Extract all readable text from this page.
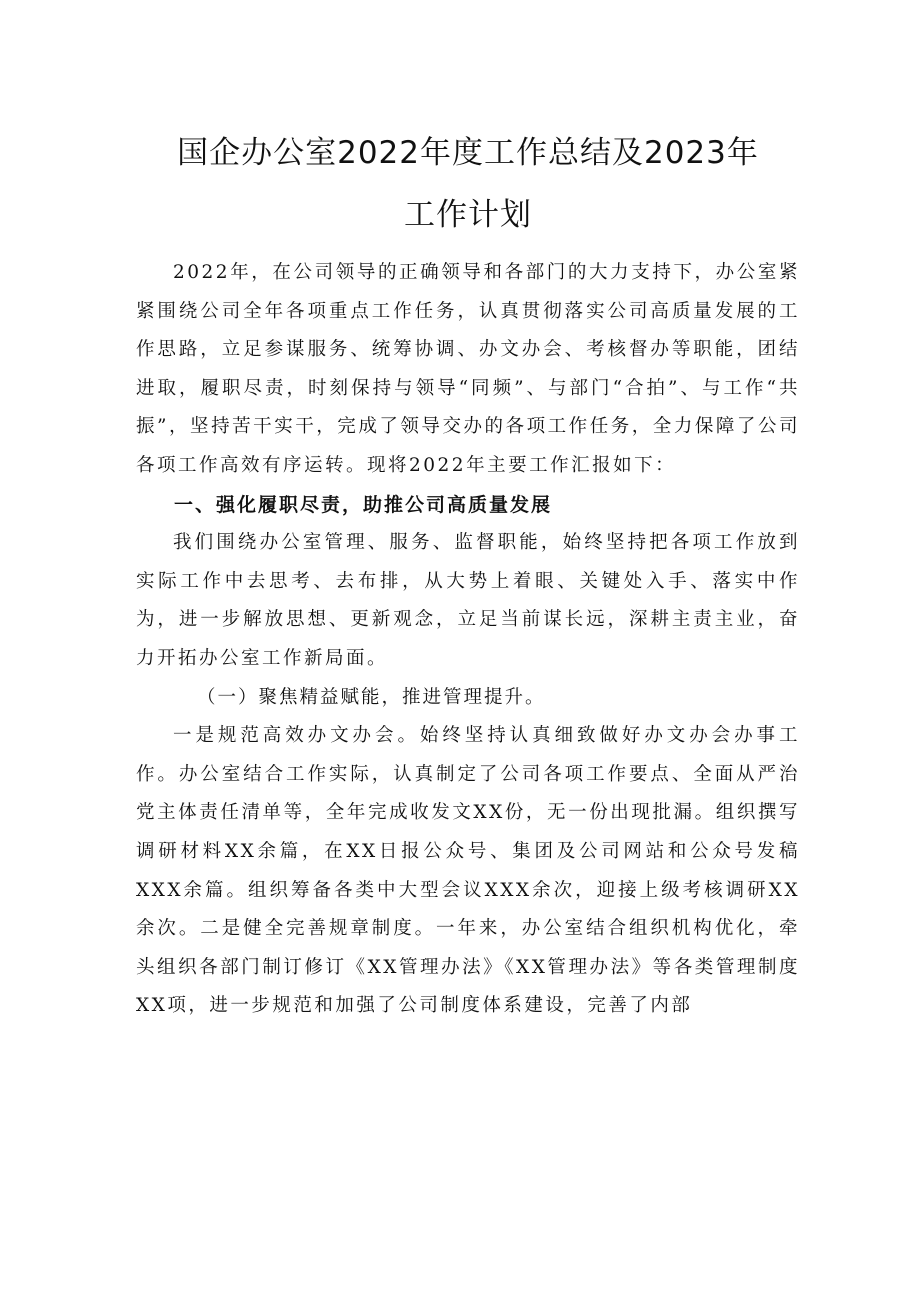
国企办公室2022年度工作总结及2023年
工作计划

2022年，在公司领导的正确领导和各部门的大力支持下，办公室紧紧围绕公司全年各项重点工作任务，认真贯彻落实公司高质量发展的工作思路，立足参谋服务、统筹协调、办文办会、考核督办等职能，团结进取，履职尽责，时刻保持与领导“同频”、与部门“合拍”、与工作“共振”，坚持苦干实干，完成了领导交办的各项工作任务，全力保障了公司各项工作高效有序运转。现将2022年主要工作汇报如下：

一、强化履职尽责，助推公司高质量发展

我们围绕办公室管理、服务、监督职能，始终坚持把各项工作放到实际工作中去思考、去布排，从大势上着眼、关键处入手、落实中作为，进一步解放思想、更新观念，立足当前谋长远，深耕主责主业，奋力开拓办公室工作新局面。

（一）聚焦精益赋能，推进管理提升。

一是规范高效办文办会。始终坚持认真细致做好办文办会办事工作。办公室结合工作实际，认真制定了公司各项工作要点、全面从严治党主体责任清单等，全年完成收发文XX份，无一份出现批漏。组织撰写调研材料XX余篇，在XX日报公众号、集团及公司网站和公众号发稿XXX余篇。组织筹备各类中大型会议XXX余次，迎接上级考核调研XX余次。二是健全完善规章制度。一年来，办公室结合组织机构优化，牵头组织各部门制订修订《XX管理办法》《XX管理办法》等各类管理制度XX项，进一步规范和加强了公司制度体系建设，完善了内部
